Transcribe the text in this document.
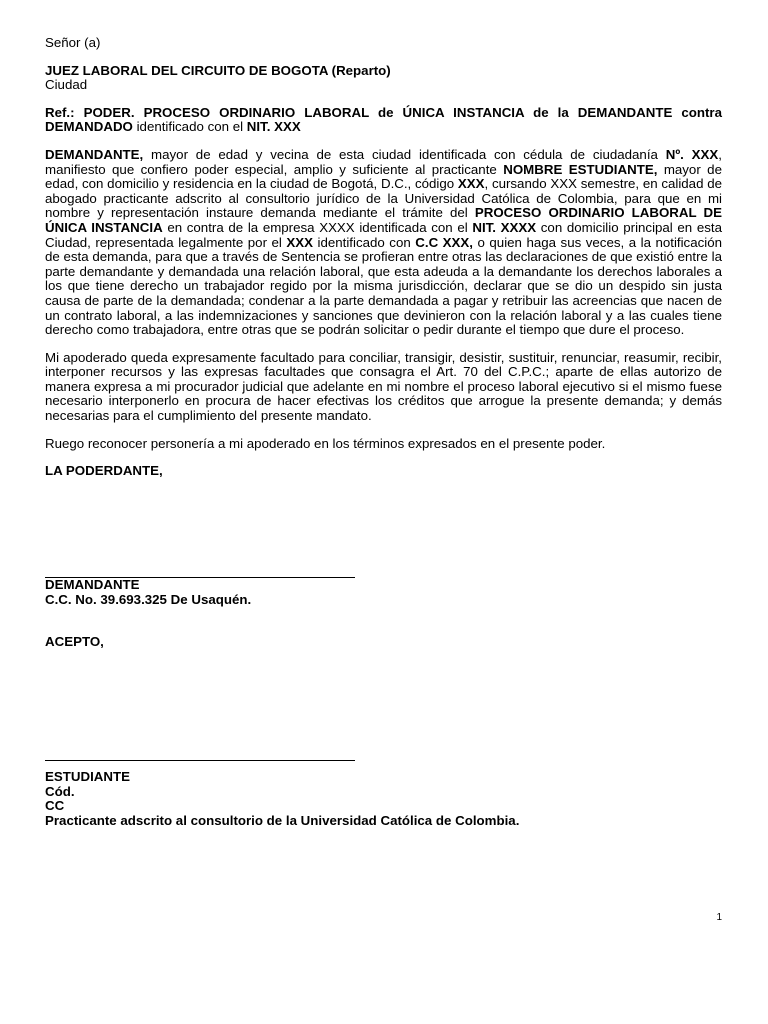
Señor (a)

JUEZ LABORAL DEL CIRCUITO DE BOGOTA (Reparto)

Ciudad

Ref.: PODER. PROCESO ORDINARIO LABORAL de ÚNICA INSTANCIA de la DEMANDANTE contra DEMANDADO identificado con el NIT. XXX

DEMANDANTE, mayor de edad y vecina de esta ciudad identificada con cédula de ciudadanía Nº. XXX, manifiesto que confiero poder especial, amplio y suficiente al practicante NOMBRE ESTUDIANTE, mayor de edad, con domicilio y residencia en la ciudad de Bogotá, D.C., código XXX, cursando XXX semestre, en calidad de abogado practicante adscrito al consultorio jurídico de la Universidad Católica de Colombia, para que en mi nombre y representación instaure demanda mediante el trámite del PROCESO ORDINARIO LABORAL DE ÚNICA INSTANCIA en contra de la empresa XXXX identificada con el NIT. XXXX con domicilio principal en esta Ciudad, representada legalmente por el XXX identificado con C.C XXX, o quien haga sus veces, a la notificación de esta demanda, para que a través de Sentencia se profieran entre otras las declaraciones de que existió entre la parte demandante y demandada una relación laboral, que esta adeuda a la demandante los derechos laborales a los que tiene derecho un trabajador regido por la misma jurisdicción, declarar que se dio un despido sin justa causa de parte de la demandada; condenar a la parte demandada a pagar y retribuir las acreencias que nacen de un contrato laboral, a las indemnizaciones y sanciones que devinieron con la relación laboral y a las cuales tiene derecho como trabajadora, entre otras que se podrán solicitar o pedir durante el tiempo que dure el proceso.

Mi apoderado queda expresamente facultado para conciliar, transigir, desistir, sustituir, renunciar, reasumir, recibir, interponer recursos y las expresas facultades que consagra el Art. 70 del C.P.C.; aparte de ellas autorizo de manera expresa a mi procurador judicial que adelante en mi nombre el proceso laboral ejecutivo si el mismo fuese necesario interponerlo en procura de hacer efectivas los créditos que arrogue la presente demanda; y demás necesarias para el cumplimiento del presente mandato.

Ruego reconocer personería a mi apoderado en los términos expresados en el presente poder.

LA PODERDANTE,

DEMANDANTE

C.C. No. 39.693.325 De Usaquén.

ACEPTO,

ESTUDIANTE

Cód.

CC

Practicante adscrito al consultorio de la Universidad Católica de Colombia.

1
